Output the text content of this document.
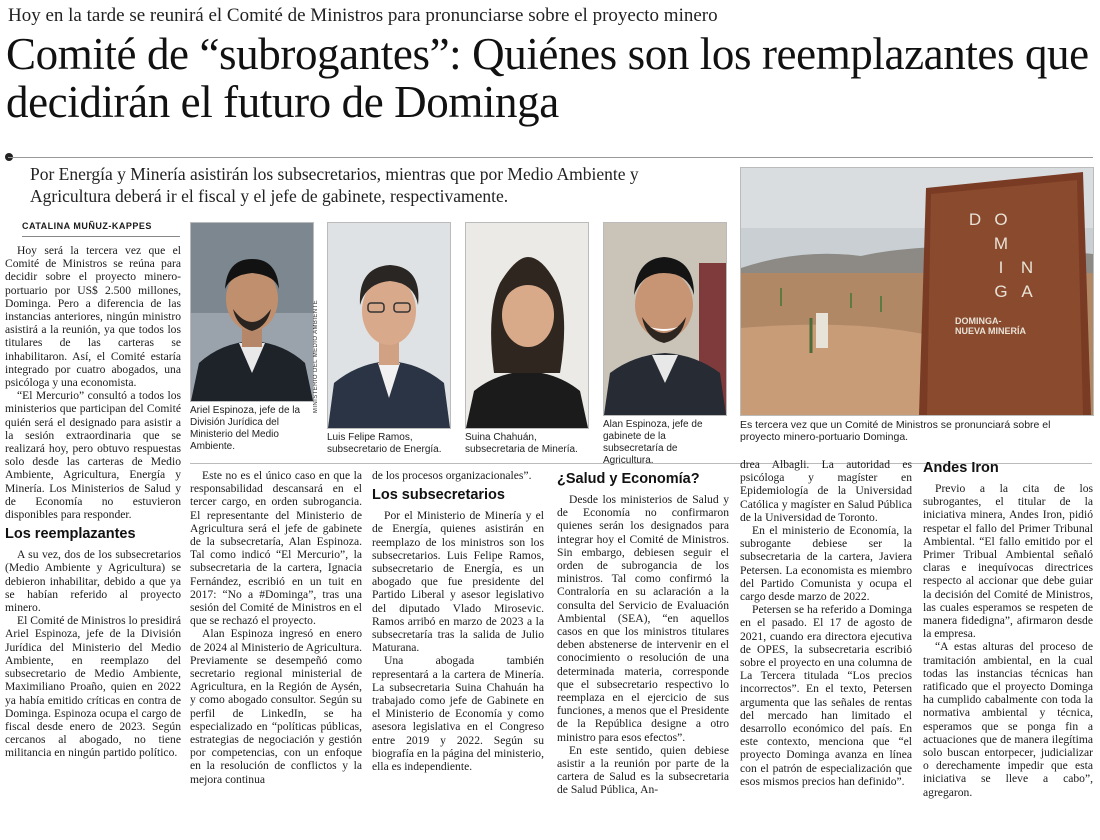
Hoy en la tarde se reunirá el Comité de Ministros para pronunciarse sobre el proyecto minero
Comité de “subrogantes”: Quiénes son los reemplazantes que decidirán el futuro de Dominga
Por Energía y Minería asistirán los subsecretarios, mientras que por Medio Ambiente y Agricultura deberá ir el fiscal y el jefe de gabinete, respectivamente.
CATALINA MUÑUZ-KAPPES

Hoy será la tercera vez que el Comité de Ministros se reúna para decidir sobre el proyecto minero-portuario por US$ 2.500 millones, Dominga. Pero a diferencia de las instancias anteriores, ningún ministro asistirá a la reunión, ya que todos los titulares de las carteras se inhabilitaron. Así, el Comité estaría integrado por cuatro abogados, una psicóloga y una economista.

“El Mercurio” consultó a todos los ministerios que participan del Comité quién será el designado para asistir a la sesión extraordinaria que se realizará hoy, pero obtuvo respuestas solo desde las carteras de Medio Ambiente, Agricultura, Energía y Minería. Los Ministerios de Salud y de Economía no estuvieron disponibles para responder.

Los reemplazantes

A su vez, dos de los subsecretarios (Medio Ambiente y Agricultura) se debieron inhabilitar, debido a que ya se habían referido al proyecto minero.

El Comité de Ministros lo presidirá Ariel Espinoza, jefe de la División Jurídica del Ministerio del Medio Ambiente, en reemplazo del subsecretario de Medio Ambiente, Maximiliano Proaño, quien en 2022 ya había emitido críticas en contra de Dominga. Espinoza ocupa el cargo de fiscal desde enero de 2023. Según cercanos al abogado, no tiene militancia en ningún partido político.

MINISTERIO DEL MEDIO AMBIENTE
Ariel Espinoza, jefe de la División Jurídica del Ministerio del Medio Ambiente.
Luis Felipe Ramos, subsecretario de Energía.
Suina Chahuán, subsecretaria de Minería.
Alan Espinoza, jefe de gabinete de la subsecretaría de Agricultura.
D O
M
I	N
G A
DOMINGA-
NUEVA MINERÍA
Es tercera vez que un Comité de Ministros se pronunciará sobre el proyecto minero-portuario Dominga.

Este no es el único caso en que la responsabilidad descansará en el tercer cargo, en orden subrogancia. El representante del Ministerio de Agricultura será el jefe de gabinete de la subsecretaría, Alan Espinoza. Tal como indicó “El Mercurio”, la subsecretaria de la cartera, Ignacia Fernández, escribió en un tuit en 2017: “No a #Dominga”, tras una sesión del Comité de Ministros en el que se rechazó el proyecto.

Alan Espinoza ingresó en enero de 2024 al Ministerio de Agricultura. Previamente se desempeñó como secretario regional ministerial de Agricultura, en la Región de Aysén, y como abogado consultor. Según su perfil de LinkedIn, se ha especializado en “políticas públicas, estrategias de negociación y gestión por competencias, con un enfoque en la resolución de conflictos y la mejora continua

de los procesos organizacionales”.

Los subsecretarios

Por el Ministerio de Minería y el de Energía, quienes asistirán en reemplazo de los ministros son los subsecretarios. Luis Felipe Ramos, subsecretario de Energía, es un abogado que fue presidente del Partido Liberal y asesor legislativo del diputado Vlado Mirosevic. Ramos arribó en marzo de 2023 a la subsecretaría tras la salida de Julio Maturana.

Una abogada también representará a la cartera de Minería. La subsecretaria Suina Chahuán ha trabajado como jefe de Gabinete en el Ministerio de Economía y como asesora legislativa en el Congreso entre 2019 y 2022. Según su biografía en la página del ministerio, ella es independiente.

¿Salud y Economía?

Desde los ministerios de Salud y de Economía no confirmaron quienes serán los designados para integrar hoy el Comité de Ministros. Sin embargo, debiesen seguir el orden de subrogancia de los ministros. Tal como confirmó la Contraloría en su aclaración a la consulta del Servicio de Evaluación Ambiental (SEA), “en aquellos casos en que los ministros titulares deben abstenerse de intervenir en el conocimiento o resolución de una determinada materia, corresponde que el subsecretario respectivo lo reemplaza en el ejercicio de sus funciones, a menos que el Presidente de la República designe a otro ministro para esos efectos”.

En este sentido, quien debiese asistir a la reunión por parte de la cartera de Salud es la subsecretaria de Salud Pública, An-

drea Albagli. La autoridad es psicóloga y magíster en Epidemiología de la Universidad Católica y magíster en Salud Pública de la Universidad de Toronto.

En el ministerio de Economía, la subrogante debiese ser la subsecretaria de la cartera, Javiera Petersen. La economista es miembro del Partido Comunista y ocupa el cargo desde marzo de 2022.

Petersen se ha referido a Dominga en el pasado. El 17 de agosto de 2021, cuando era directora ejecutiva de OPES, la subsecretaria escribió sobre el proyecto en una columna de La Tercera titulada “Los precios incorrectos”. En el texto, Petersen argumenta que las señales de rentas del mercado han limitado el desarrollo económico del país. En este contexto, menciona que “el proyecto Dominga avanza en línea con el patrón de especialización que esos mismos precios han definido”.

Andes Iron

Previo a la cita de los subrogantes, el titular de la iniciativa minera, Andes Iron, pidió respetar el fallo del Primer Tribunal Ambiental. “El fallo emitido por el Primer Tribual Ambiental señaló claras e inequívocas directrices respecto al accionar que debe guiar la decisión del Comité de Ministros, las cuales esperamos se respeten de manera fidedigna”, afirmaron desde la empresa.

“A estas alturas del proceso de tramitación ambiental, en la cual todas las instancias técnicas han ratificado que el proyecto Dominga ha cumplido cabalmente con toda la normativa ambiental y técnica, esperamos que se ponga fin a actuaciones que de manera ilegítima solo buscan entorpecer, judicializar o derechamente impedir que esta iniciativa se lleve a cabo”, agregaron.
